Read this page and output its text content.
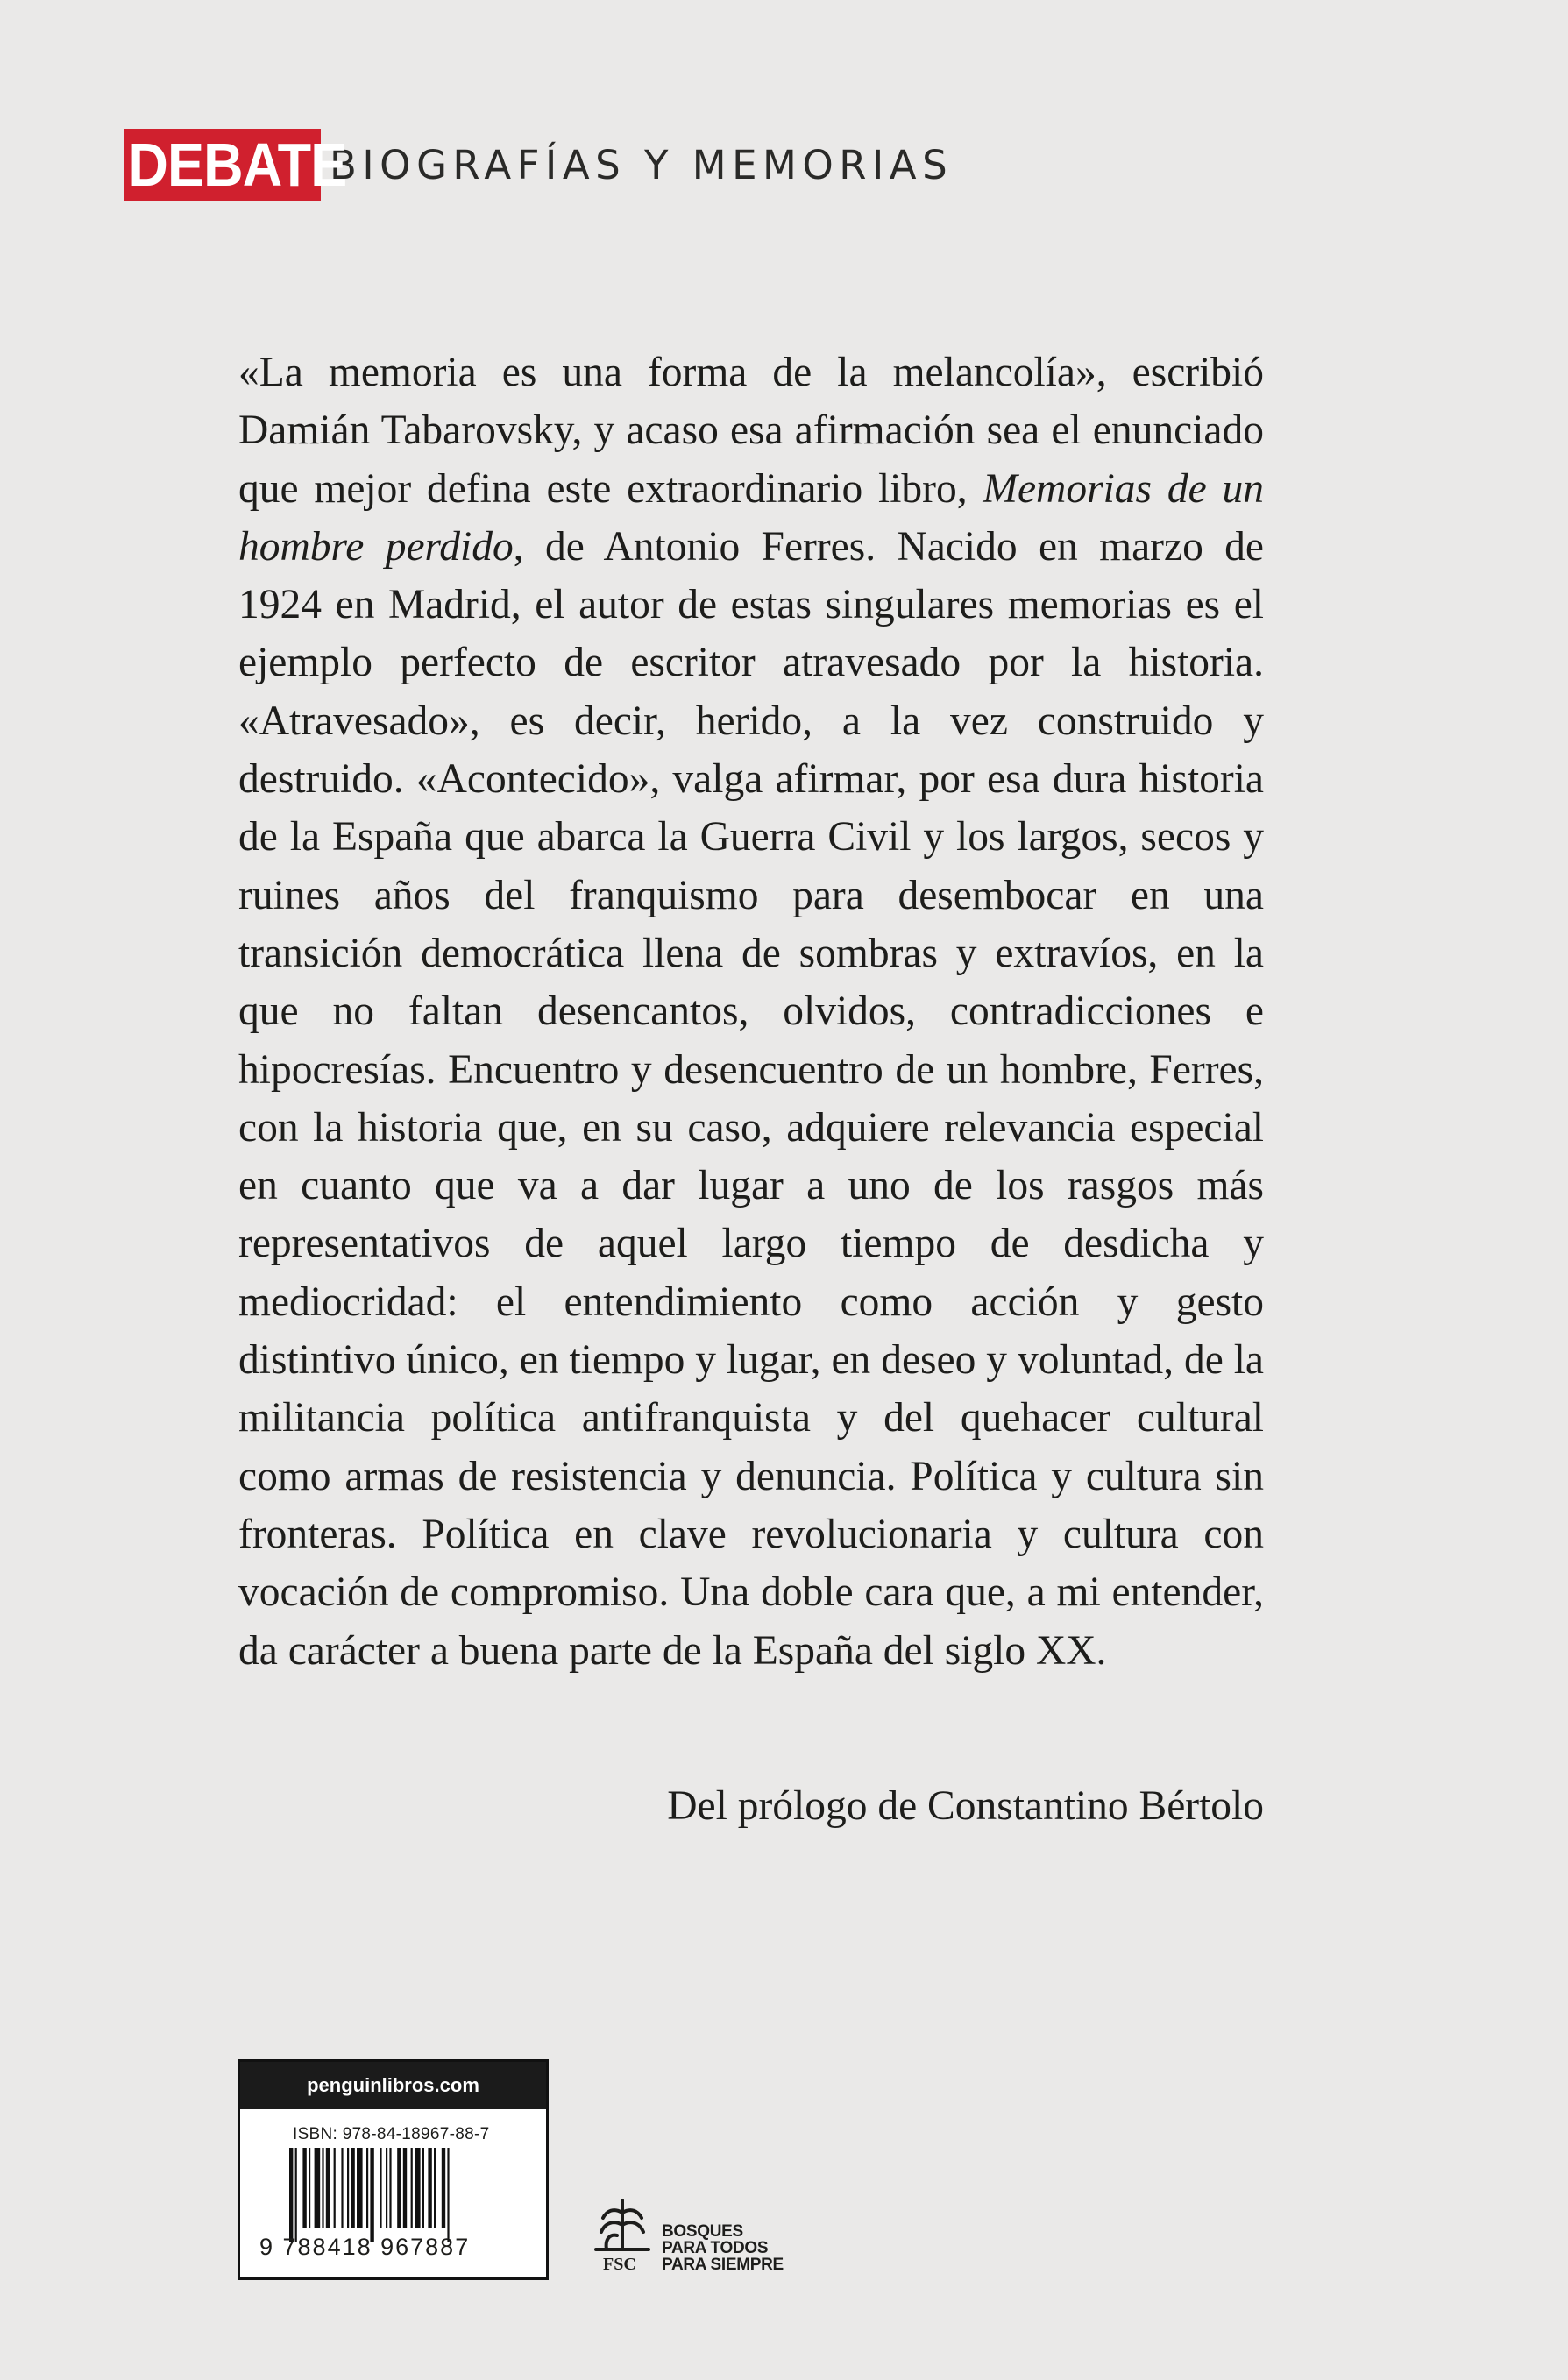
DEBATE
BIOGRAFÍAS Y MEMORIAS

«La memoria es una forma de la melancolía», escribió Damián Tabarovsky, y acaso esa afirmación sea el enunciado que mejor defina este extraordinario libro, Memorias de un hombre perdido, de Antonio Ferres. Nacido en marzo de 1924 en Madrid, el autor de estas singulares memorias es el ejemplo perfecto de escritor atravesado por la historia. «Atravesado», es decir, herido, a la vez construido y destruido. «Acontecido», valga afirmar, por esa dura historia de la España que abarca la Guerra Civil y los largos, secos y ruines años del franquismo para desembocar en una transición democrática llena de sombras y extravíos, en la que no faltan desencantos, olvidos, contradicciones e hipocresías. Encuentro y desencuentro de un hombre, Ferres, con la historia que, en su caso, adquiere relevancia especial en cuanto que va a dar lugar a uno de los rasgos más representativos de aquel largo tiempo de desdicha y mediocridad: el entendimiento como acción y gesto distintivo único, en tiempo y lugar, en deseo y voluntad, de la militancia política antifranquista y del quehacer cultural como armas de resistencia y denuncia. Política y cultura sin fronteras. Política en clave revolucionaria y cultura con vocación de compromiso. Una doble cara que, a mi entender, da carácter a buena parte de la España del siglo XX.

Del prólogo de Constantino Bértolo
penguinlibros.com
ISBN: 978-84-18967-88-7
9 788418 967887
FSC
BOSQUES
PARA TODOS
PARA SIEMPRE
